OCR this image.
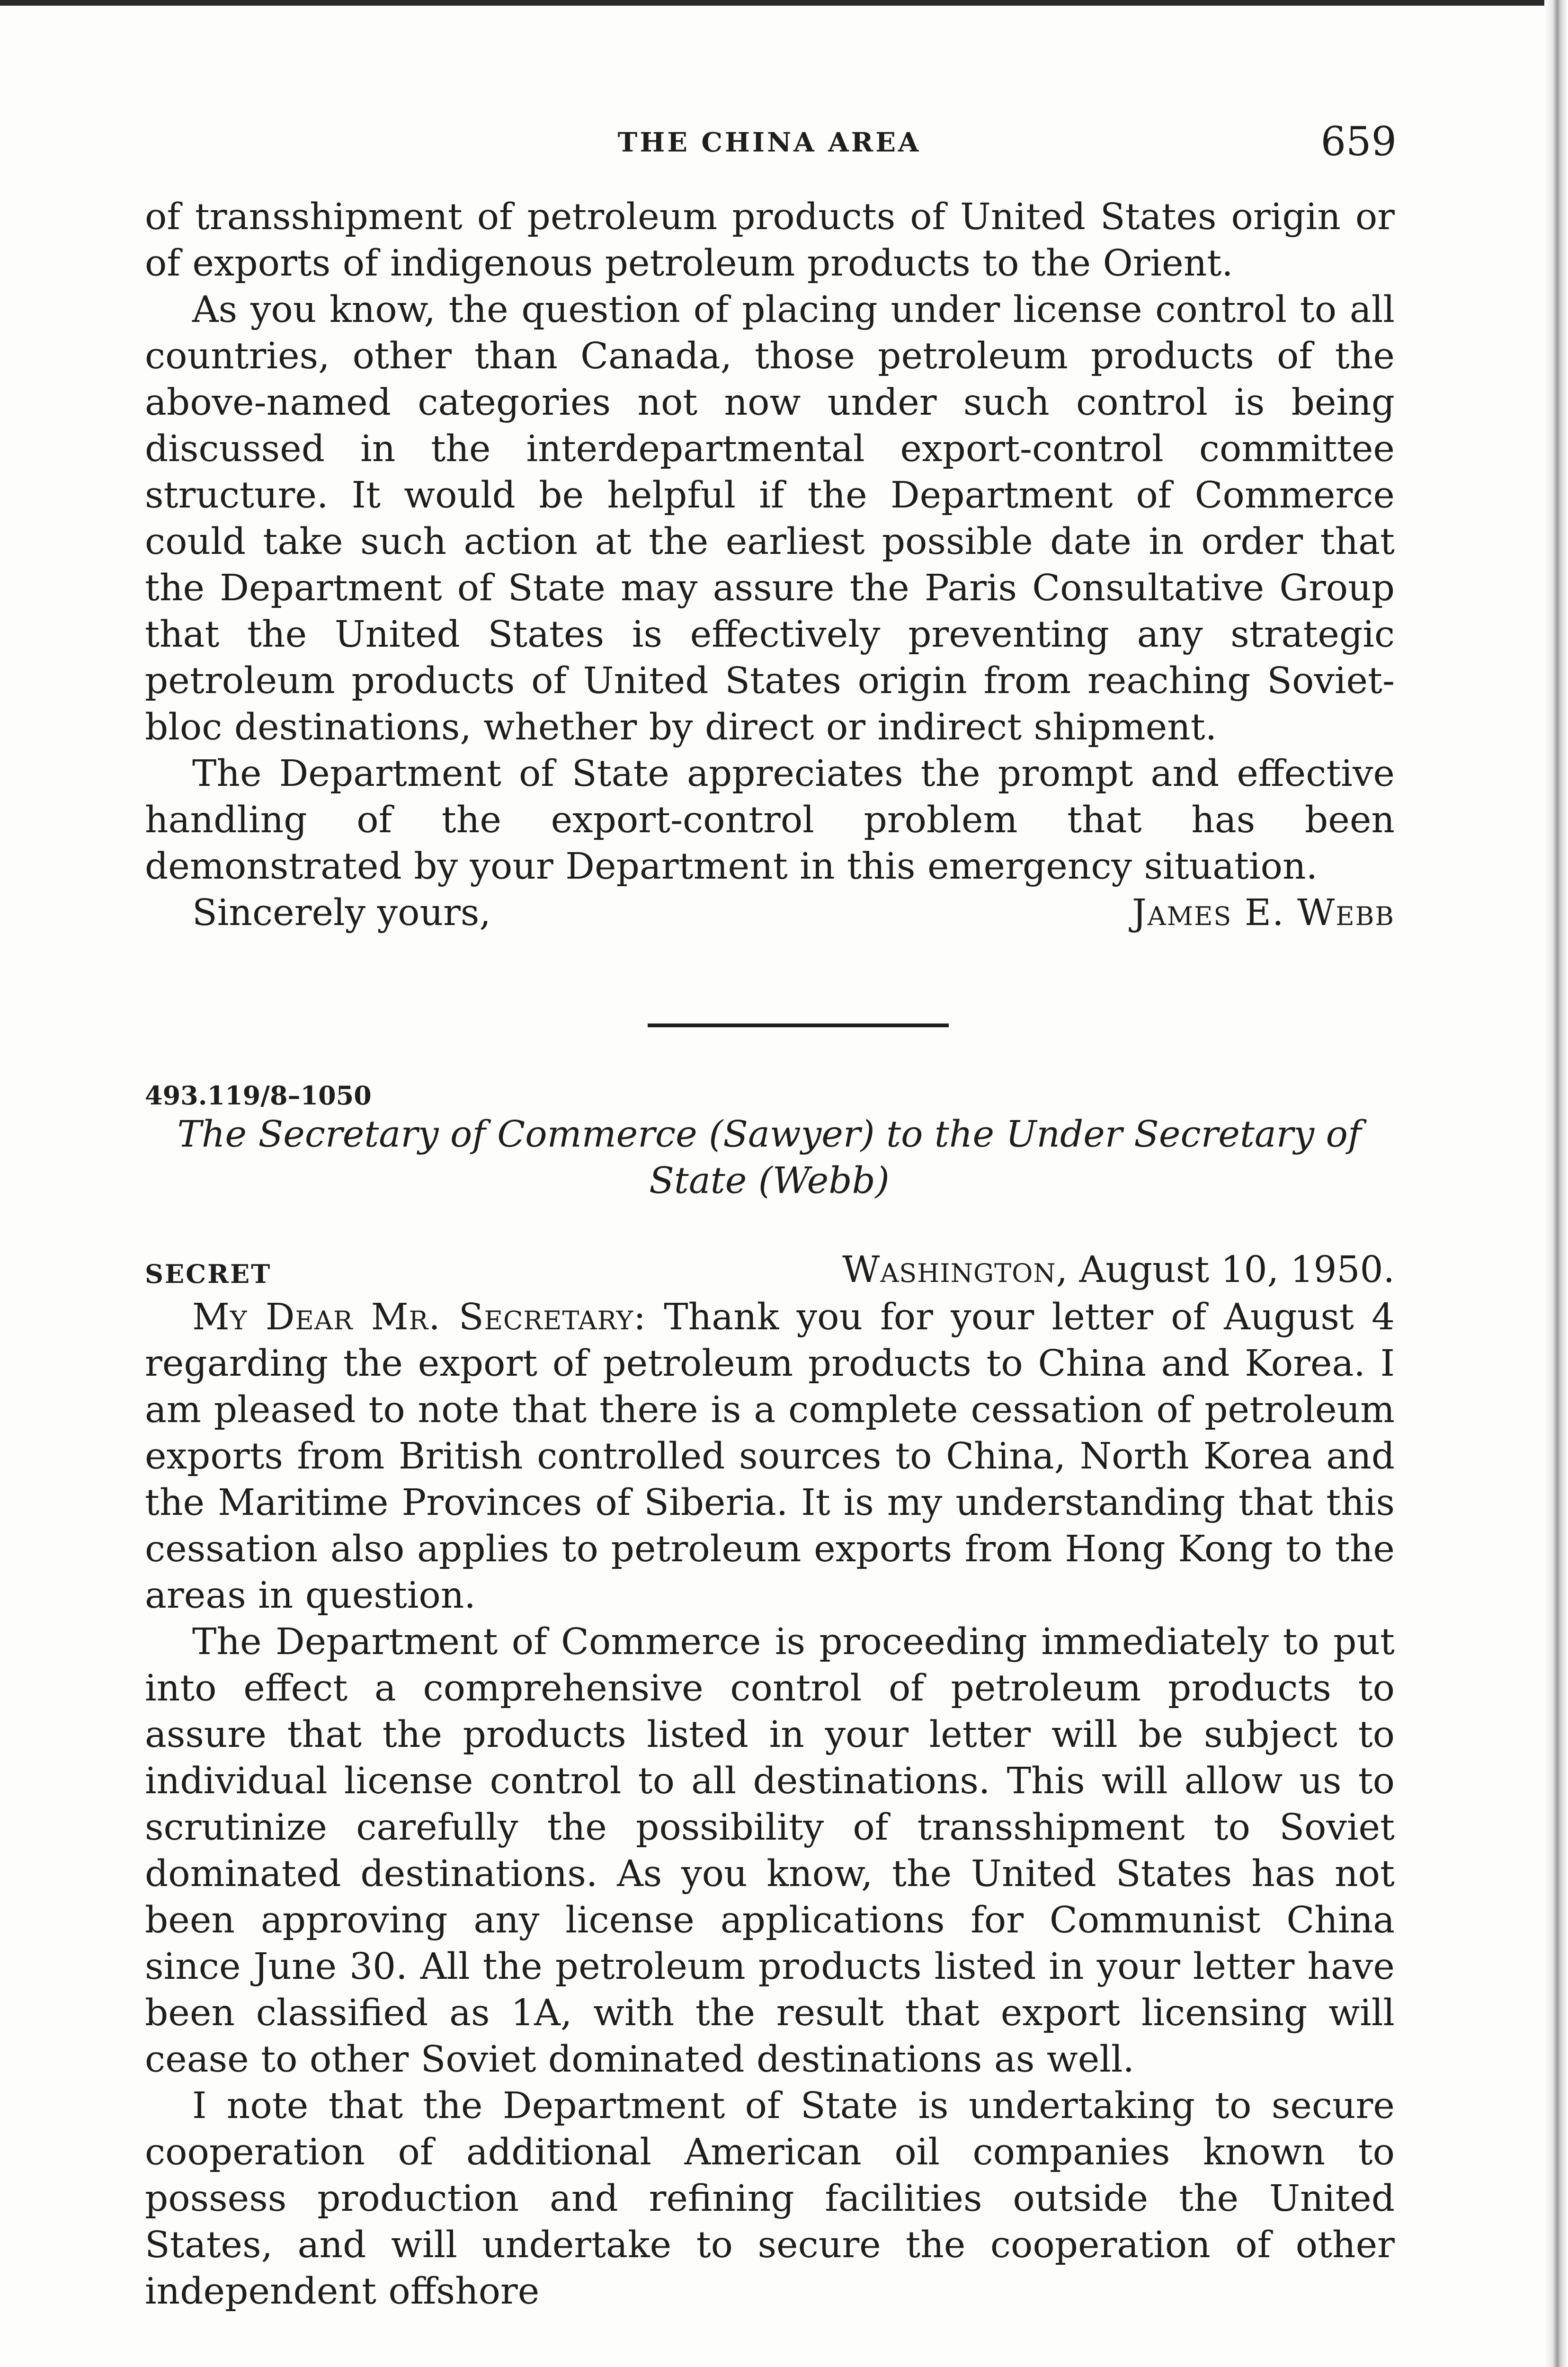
THE CHINA AREA	659

of transshipment of petroleum products of United States origin or of exports of indigenous petroleum products to the Orient.

As you know, the question of placing under license control to all countries, other than Canada, those petroleum products of the above-named categories not now under such control is being discussed in the interdepartmental export-control committee structure. It would be helpful if the Department of Commerce could take such action at the earliest possible date in order that the Department of State may assure the Paris Consultative Group that the United States is effectively preventing any strategic petroleum products of United States origin from reaching Soviet-bloc destinations, whether by direct or indirect shipment.

The Department of State appreciates the prompt and effective handling of the export-control problem that has been demonstrated by your Department in this emergency situation.

Sincerely yours,	James E. Webb
493.119/8–1050
The Secretary of Commerce (Sawyer) to the Under Secretary of
State (Webb)
SECRET	Washington, August 10, 1950.

My Dear Mr. Secretary: Thank you for your letter of August 4 regarding the export of petroleum products to China and Korea. I am pleased to note that there is a complete cessation of petroleum exports from British controlled sources to China, North Korea and the Maritime Provinces of Siberia. It is my understanding that this cessation also applies to petroleum exports from Hong Kong to the areas in question.

The Department of Commerce is proceeding immediately to put into effect a comprehensive control of petroleum products to assure that the products listed in your letter will be subject to individual license control to all destinations. This will allow us to scrutinize carefully the possibility of transshipment to Soviet dominated destinations. As you know, the United States has not been approving any license applications for Communist China since June 30. All the petroleum products listed in your letter have been classified as 1A, with the result that export licensing will cease to other Soviet dominated destinations as well.

I note that the Department of State is undertaking to secure cooperation of additional American oil companies known to possess production and refining facilities outside the United States, and will undertake to secure the cooperation of other independent offshore
